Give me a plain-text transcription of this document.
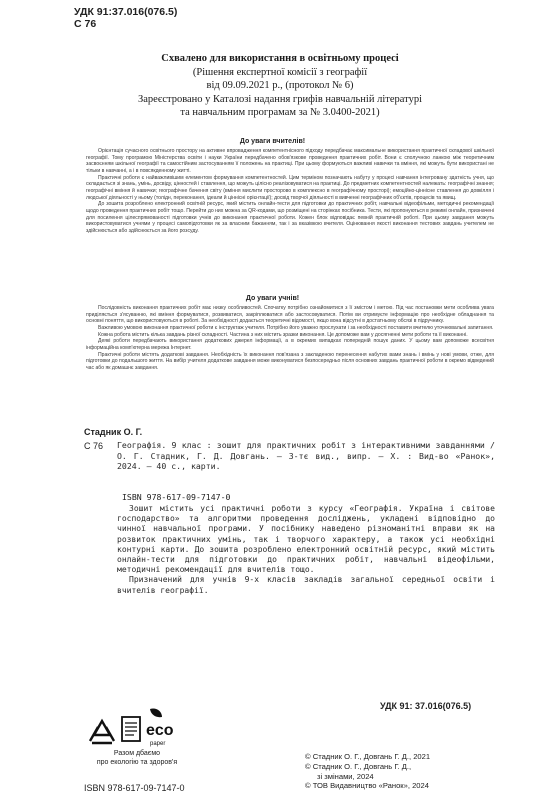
УДК 91:37.016(076.5)
С 76
Схвалено для використання в освітньому процесі
(Рішення експертної комісії з географії
від 09.09.2021 р., (протокол № 6)
Зареєстровано у Каталозі надання грифів навчальній літературі
та навчальним програмам за № 3.0400-2021)
До уваги вчителів!

Орієнтація сучасного освітнього простору на активне впровадження компетентнісного підходу передбачає максимальне використання практичної складової шкільної географії. Тому програмою Міністерства освіти і науки України передбачено обов'язкове проведення практичних робіт. Вони є сполучною ланкою між теоретичним засвоєнням шкільної географії та самостійним застосуванням її положень на практиці. При цьому формуються важливі навички та вміння, які можуть бути використані не тільки в навчанні, а і в повсякденному житті.

Практичні роботи є найважливішим елементом формування компетентностей. Цим терміном позначають набуту у процесі навчання інтегровану здатність учня, що складається зі знань, умінь, досвіду, цінностей і ставлення, що можуть цілісно реалізовуватися на практиці. До предметних компетентностей належать: географічні знання; географічні вміння й навички; географічне бачення світу (вміння мислити просторово в комплексно в географічному просторі); емоційно-ціннісне ставлення до довкілля і людської діяльності у ньому (толідн, переконання, ідеали й ціннісні орієнтації); досвід творчої діяльності в вивченні географічних об'єктів, процесів та явищ.

До зошита розроблено електронний освітній ресурс, який містить онлайн-тести для підготовки до практичних робіт, навчальні відеофільми, методичні рекомендації щодо проведення практичних робіт тощо. Перейти до них можна за QR-кодами, що розміщені на сторінках посібника. Тести, які пропонуються в режимі онлайн, призначені для посилення цілеспрямованості підготовки учнів до виконання практичної роботи. Кожен блок відповідає певній практичній роботі. При цьому завдання можуть використовуватися учнями у процесі самопідготовки як за власним бажанням, так і за вказівкою вчителя. Оцінювання якості виконання тестових завдань учителем не здійснюється або здійснюється за його розсуду.

До уваги учнів!

Послідовність виконання практичних робіт має низку особливостей. Спочатку потрібно ознайомитися з її змістом і метою. Під час постановки мети особлива увага приділяється з'ясуванню, які вміння формуватися, розвиватися, закріплюватися або застосовуватися. Потім ви отримуєте інформацію про необхідне обладнання та основні поняття, що використовуються в роботі. За необхідності додається теоретичні відомості, якщо вона відсутні в достатньому обсязі в підручнику.

Важливою умовою виконання практичної роботи є інструктаж учителя. Потрібно його уважно прослухати і за необхідності поставити вчителю уточнювальні запитання.

Кожна робота містить кілька завдань різної складності. Частина з них містить зразки виконання. Це допоможе вам у досягненні мети роботи та її виконанні.

Деякі роботи передбачають використання додаткових джерел інформації, а в окремих випадках попередній пошук даних. У цьому вам допоможе всесвітня інформаційна комп'ютерна мережа Інтернет.

Практичні роботи містять додаткові завдання. Необхідність їх виконання пов'язана з закладеною перенесення набутих вами знань і вмінь у нові умови, отже, для підготовки до подальшого життя. На вибір учителя додаткове завдання може виконуватися безпосередньо після основних завдань практичної роботи в окремо відведений час або як домашнє завдання.

Стадник О. Г.
С 76 Географія. 9 клас : зошит для практичних робіт з інтерактивними завданнями / О. Г. Стадник, Г. Д. Довгань. — 3-тє вид., випр. — Х. : Вид-во «Ранок», 2024. — 40 с., карти.

ISBN 978-617-09-7147-0

Зошит містить усі практичні роботи з курсу «Географія. Україна і світове господарство» та алгоритми проведення досліджень, укладені відповідно до чинної навчальної програми. У посібнику наведено різноманітні вправи як на розвиток практичних умінь, так і творчого характеру, а також усі необхідні контурні карти. До зошита розроблено електронний освітній ресурс, який містить онлайн-тести для підготовки до практичних робіт, навчальні відеофільми, методичні рекомендації для вчителів тощо.

Призначений для учнів 9-х класів закладів загальної середньої освіти і вчителів географії.

УДК 91: 37.016(076.5)
eco
paper
Разом дбаємо
про екологію та здоров'я
ISBN 978-617-09-7147-0
© Стадник О. Г., Довгань Г. Д., 2021
© Стадник О. Г., Довгань Г. Д.,
зі змінами, 2024
© ТОВ Видавництво «Ранок», 2024
